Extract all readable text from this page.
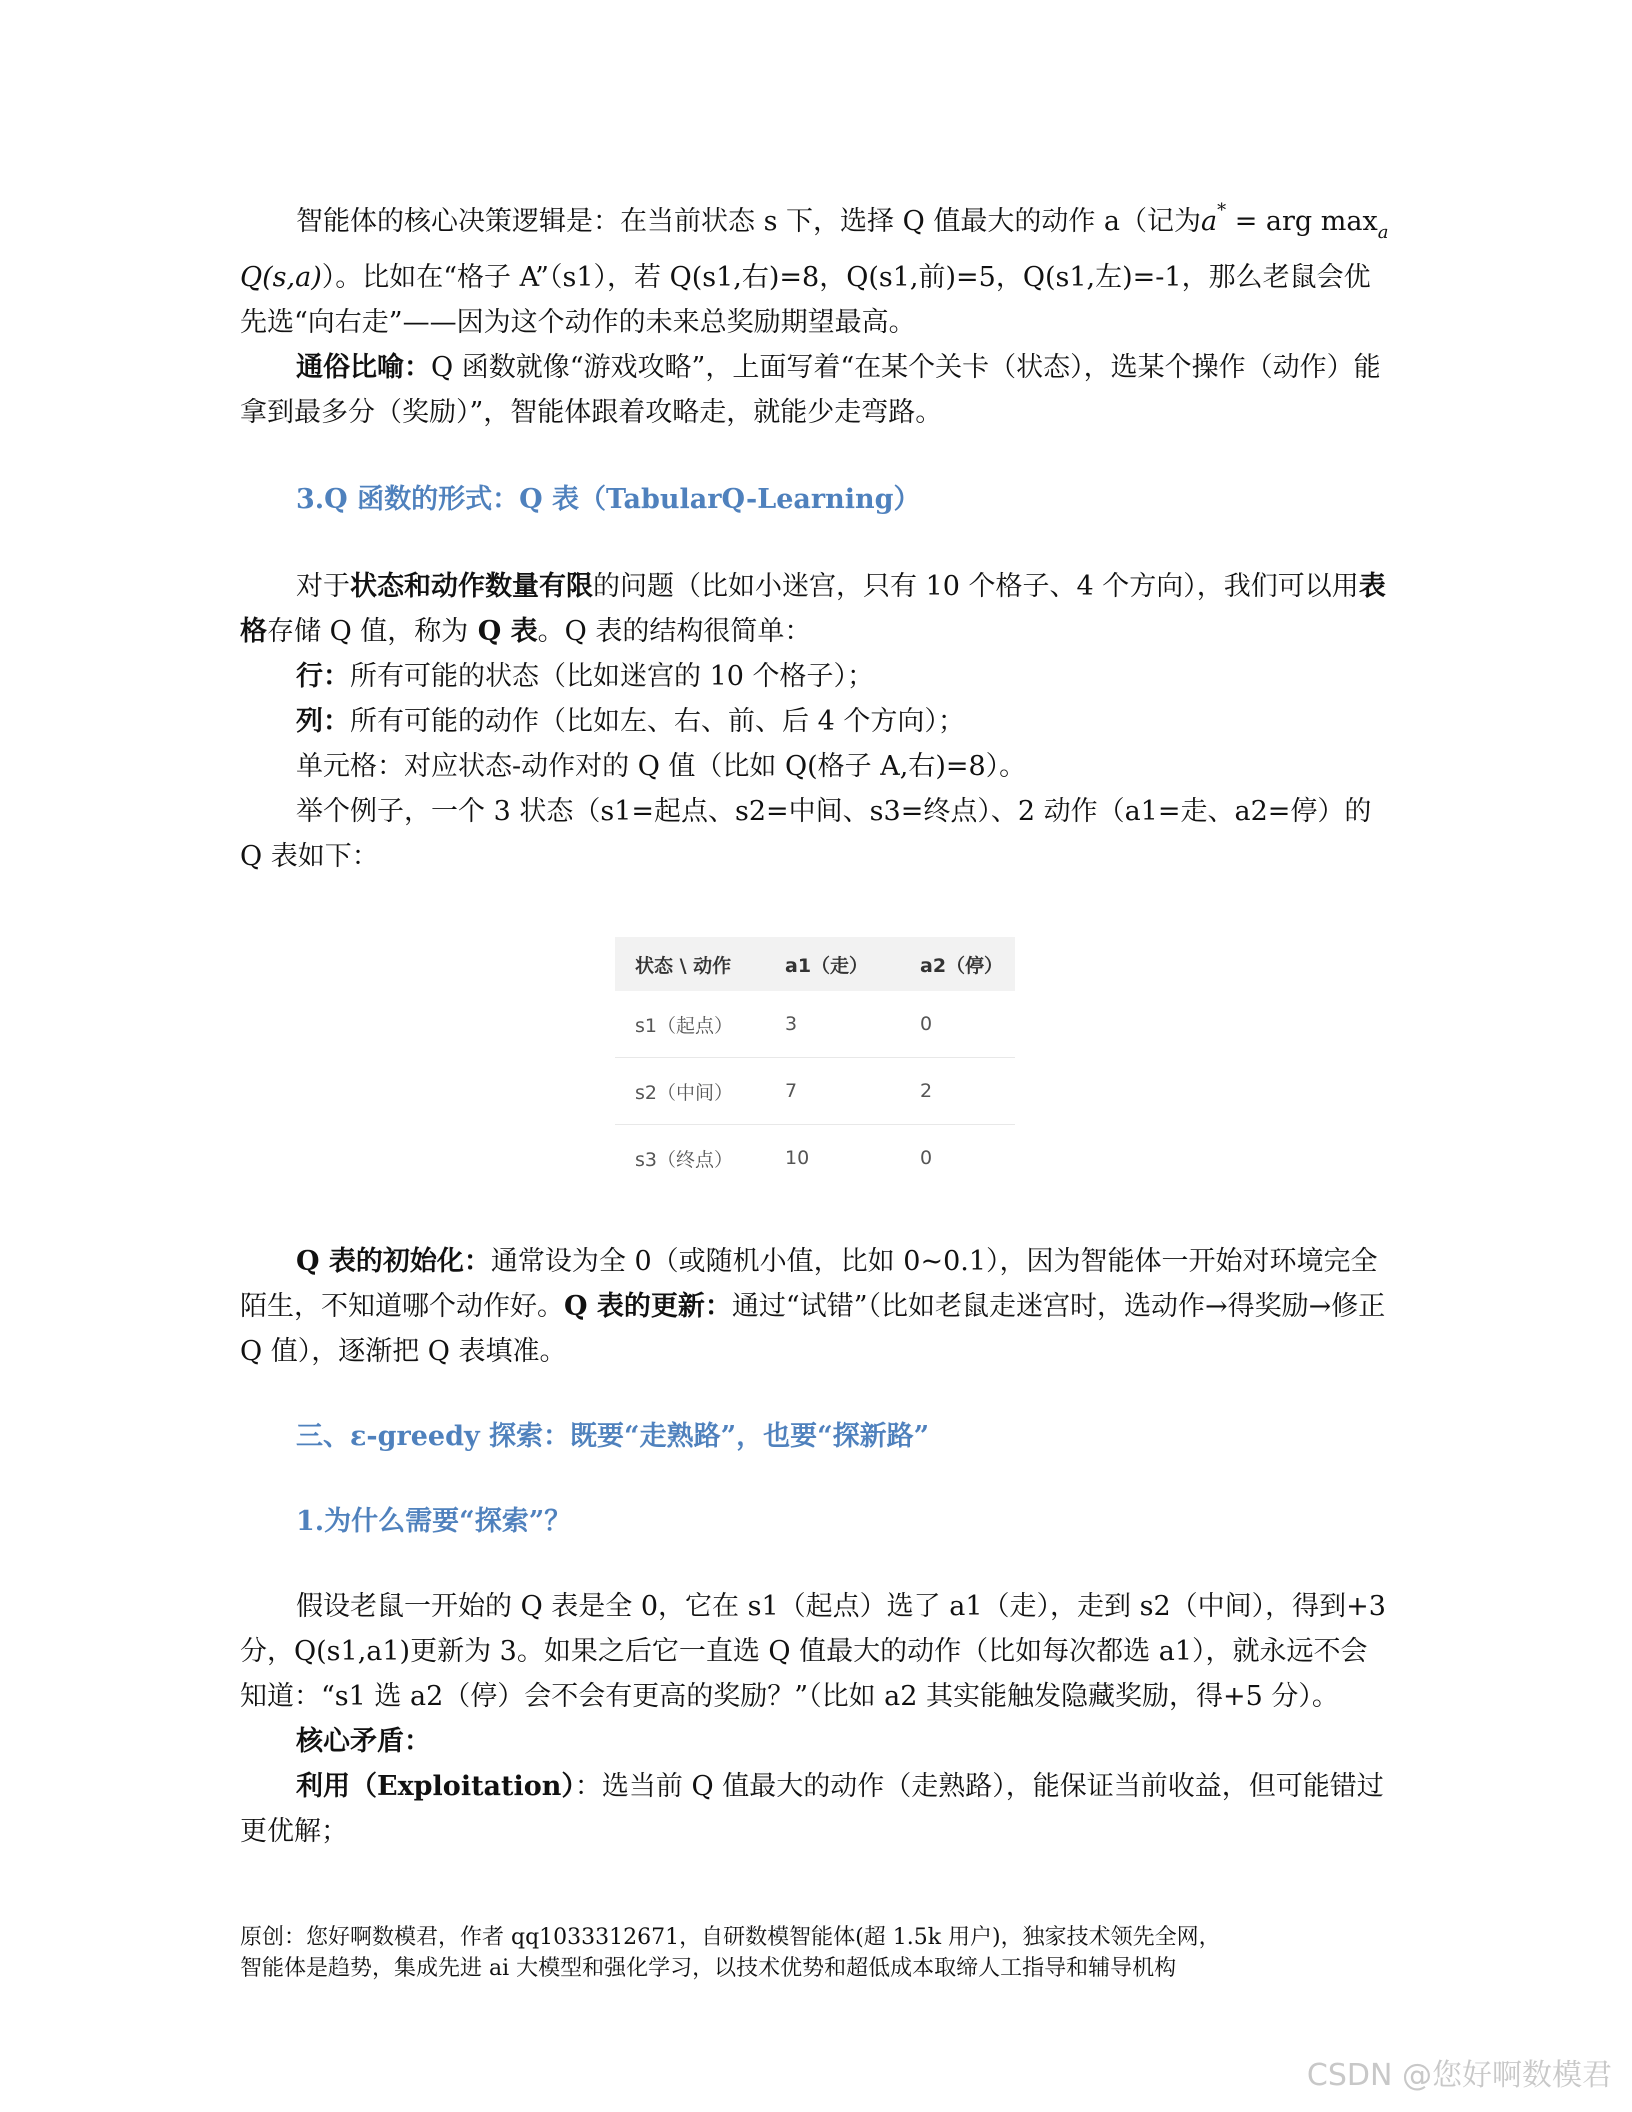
智能体的核心决策逻辑是：在当前状态 s 下，选择 Q 值最大的动作 a（记为a* = arg $\max_a Q(s,a)$）。比如在“格子 A”（s1），若 Q(s1,右)=8，Q(s1,前)=5，Q(s1,左)=-1，那么老鼠会优先选“向右走”——因为这个动作的未来总奖励期望最高。

通俗比喻：Q 函数就像“游戏攻略”，上面写着“在某个关卡（状态），选某个操作（动作）能拿到最多分（奖励）”，智能体跟着攻略走，就能少走弯路。

3.Q 函数的形式：Q 表（TabularQ-Learning）

对于状态和动作数量有限的问题（比如小迷宫，只有 10 个格子、4 个方向），我们可以用表格存储 Q 值，称为 Q 表。Q 表的结构很简单：

行：所有可能的状态（比如迷宫的 10 个格子）；

列：所有可能的动作（比如左、右、前、后 4 个方向）；

单元格：对应状态-动作对的 Q 值（比如 Q(格子 A,右)=8）。

举个例子，一个 3 状态（s1=起点、s2=中间、s3=终点）、2 动作（a1=走、a2=停）的 Q 表如下：

状态 \ 动作	a1（走）	a2（停）
s1（起点）	3	0
s2（中间）	7	2
s3（终点）	10	0

Q 表的初始化：通常设为全 0（或随机小值，比如 0~0.1），因为智能体一开始对环境完全陌生，不知道哪个动作好。Q 表的更新：通过“试错”（比如老鼠走迷宫时，选动作→得奖励→修正 Q 值），逐渐把 Q 表填准。

三、ε-greedy 探索：既要“走熟路”，也要“探新路”

1.为什么需要“探索”？

假设老鼠一开始的 Q 表是全 0，它在 s1（起点）选了 a1（走），走到 s2（中间），得到+3 分，Q(s1,a1)更新为 3。如果之后它一直选 Q 值最大的动作（比如每次都选 a1），就永远不会知道：“s1 选 a2（停）会不会有更高的奖励？”（比如 a2 其实能触发隐藏奖励，得+5 分）。

核心矛盾：

利用（Exploitation）：选当前 Q 值最大的动作（走熟路），能保证当前收益，但可能错过更优解；

原创：您好啊数模君，作者 qq1033312671，自研数模智能体(超 1.5k 用户)，独家技术领先全网，

智能体是趋势，集成先进 ai 大模型和强化学习，以技术优势和超低成本取缔人工指导和辅导机构

CSDN @您好啊数模君
